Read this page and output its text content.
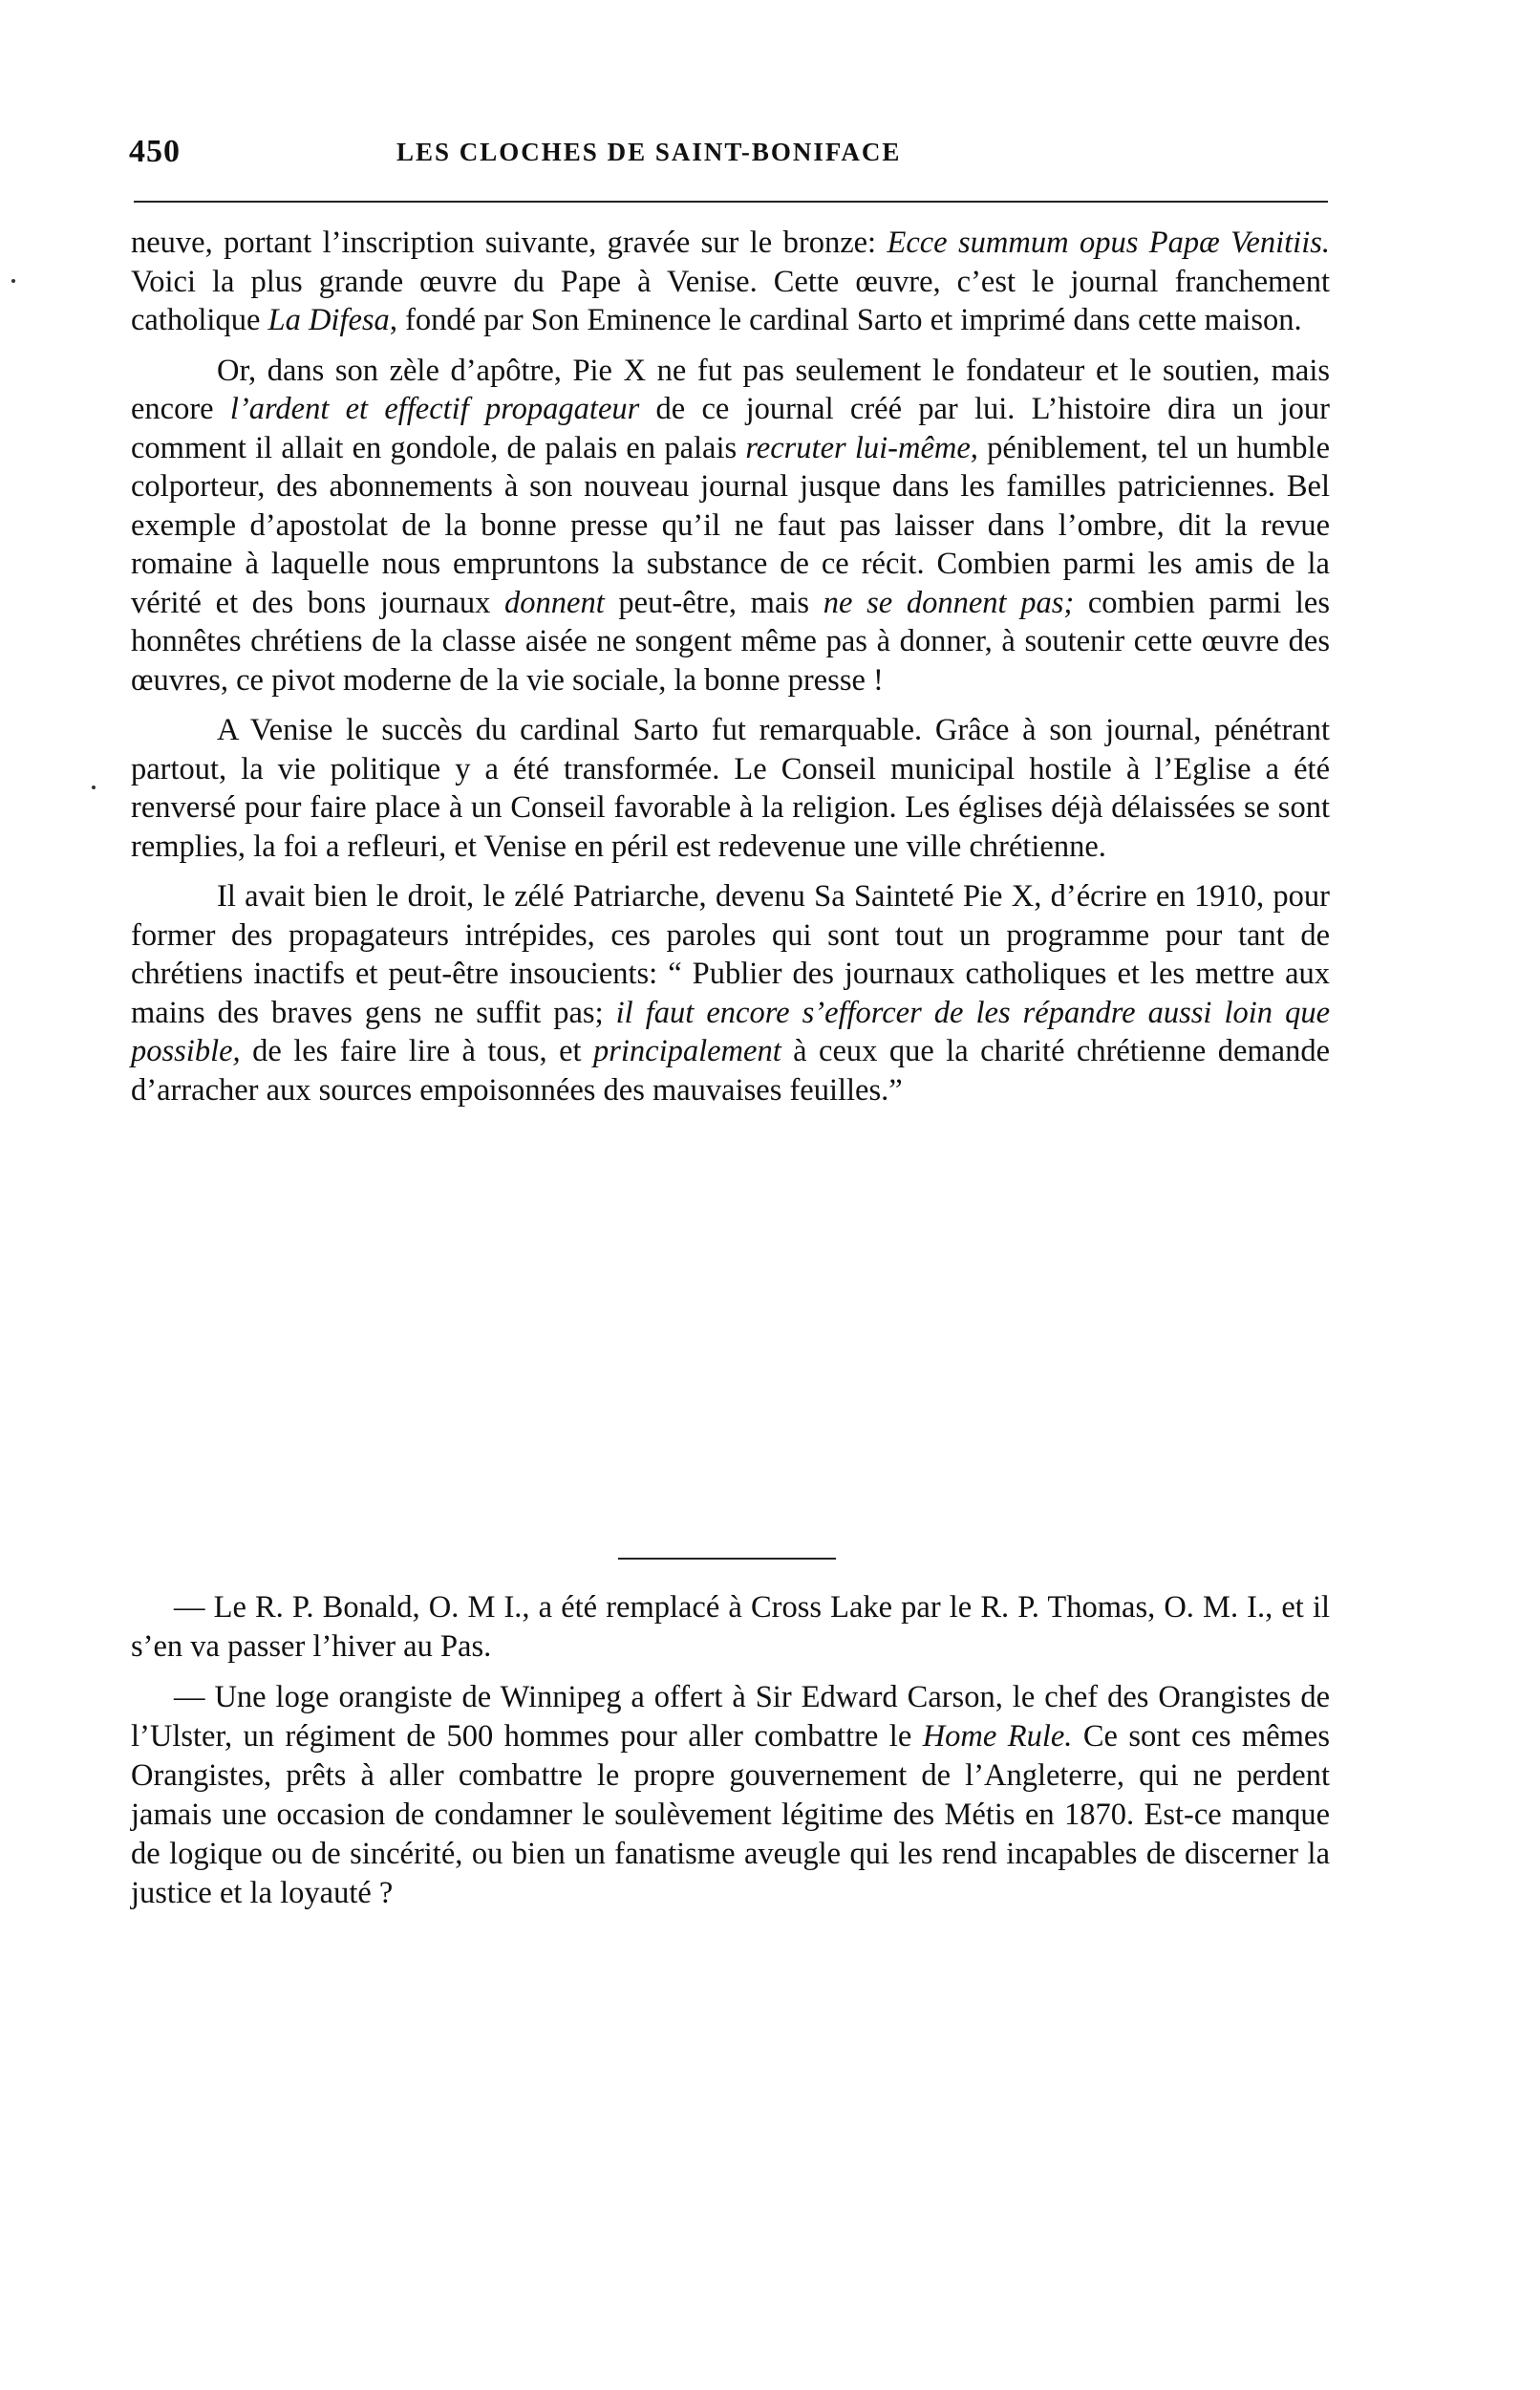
450	LES CLOCHES DE SAINT-BONIFACE

neuve, portant l’inscription suivante, gravée sur le bronze: Ecce summum opus Papæ Venitiis. Voici la plus grande œuvre du Pape à Venise. Cette œuvre, c’est le journal franchement catholique La Difesa, fondé par Son Eminence le cardinal Sarto et imprimé dans cette maison.

Or, dans son zèle d’apôtre, Pie X ne fut pas seulement le fondateur et le soutien, mais encore l’ardent et effectif propagateur de ce journal créé par lui. L’histoire dira un jour comment il allait en gondole, de palais en palais recruter lui-même, péniblement, tel un humble colporteur, des abonnements à son nouveau journal jusque dans les familles patriciennes. Bel exemple d’apostolat de la bonne presse qu’il ne faut pas laisser dans l’ombre, dit la revue romaine à laquelle nous empruntons la substance de ce récit. Combien parmi les amis de la vérité et des bons journaux donnent peut-être, mais ne se donnent pas; combien parmi les honnêtes chrétiens de la classe aisée ne songent même pas à donner, à soutenir cette œuvre des œuvres, ce pivot moderne de la vie sociale, la bonne presse !

A Venise le succès du cardinal Sarto fut remarquable. Grâce à son journal, pénétrant partout, la vie politique y a été transformée. Le Conseil municipal hostile à l’Eglise a été renversé pour faire place à un Conseil favorable à la religion. Les églises déjà délaissées se sont remplies, la foi a refleuri, et Venise en péril est redevenue une ville chrétienne.

Il avait bien le droit, le zélé Patriarche, devenu Sa Sainteté Pie X, d’écrire en 1910, pour former des propagateurs intrépides, ces paroles qui sont tout un programme pour tant de chrétiens inactifs et peut-être insoucients: “ Publier des journaux catholiques et les mettre aux mains des braves gens ne suffit pas; il faut encore s’efforcer de les répandre aussi loin que possible, de les faire lire à tous, et principalement à ceux que la charité chrétienne demande d’arracher aux sources empoisonnées des mauvaises feuilles.”

— Le R. P. Bonald, O. M I., a été remplacé à Cross Lake par le R. P. Thomas, O. M. I., et il s’en va passer l’hiver au Pas.

— Une loge orangiste de Winnipeg a offert à Sir Edward Carson, le chef des Orangistes de l’Ulster, un régiment de 500 hommes pour aller combattre le Home Rule. Ce sont ces mêmes Orangistes, prêts à aller combattre le propre gouvernement de l’Angleterre, qui ne perdent jamais une occasion de condamner le soulèvement légitime des Métis en 1870. Est-ce manque de logique ou de sincérité, ou bien un fanatisme aveugle qui les rend incapables de discerner la justice et la loyauté ?
